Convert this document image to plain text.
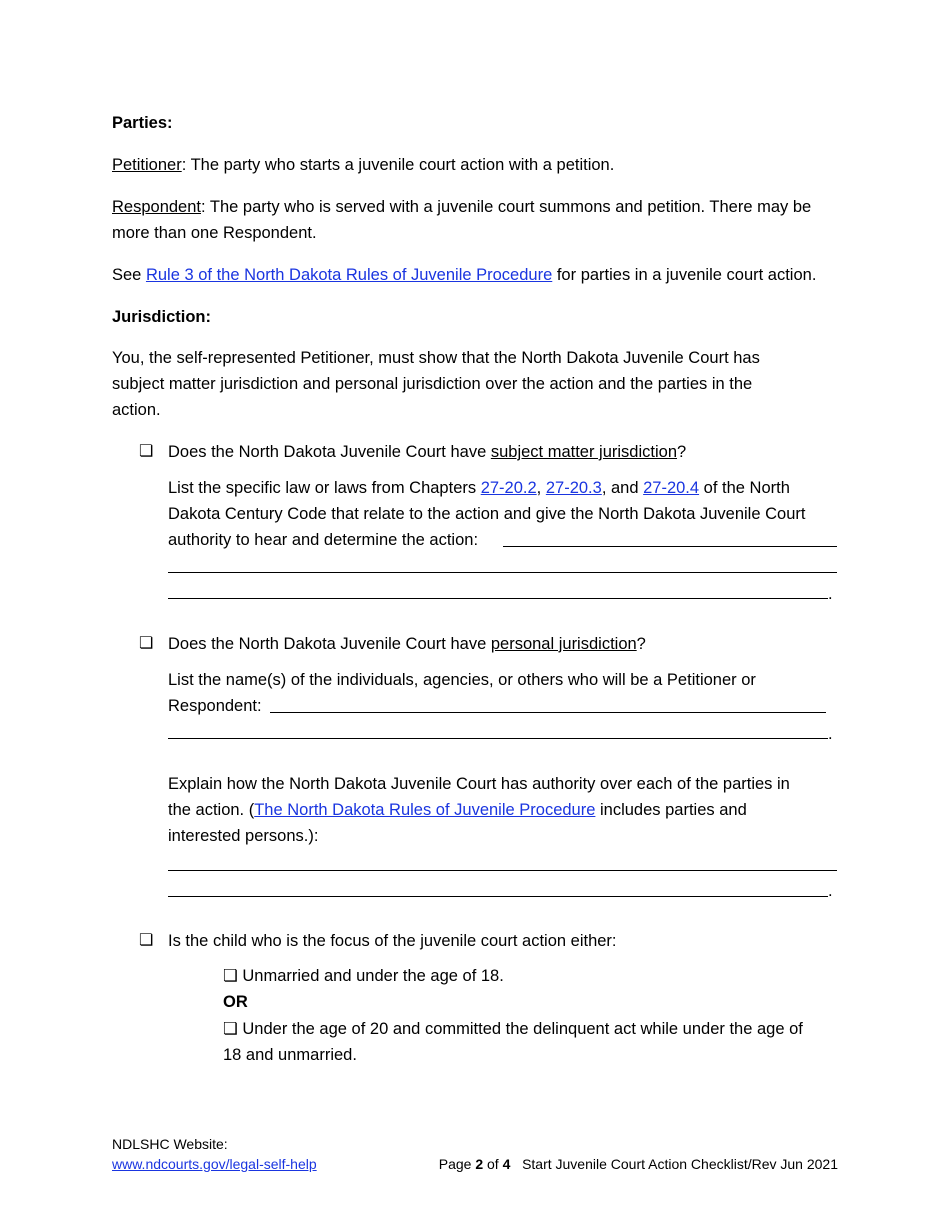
Parties:
Petitioner: The party who starts a juvenile court action with a petition.
Respondent: The party who is served with a juvenile court summons and petition. There may be
more than one Respondent.
See Rule 3 of the North Dakota Rules of Juvenile Procedure for parties in a juvenile court action.
Jurisdiction:
You, the self-represented Petitioner, must show that the North Dakota Juvenile Court has
subject matter jurisdiction and personal jurisdiction over the action and the parties in the
action.
❏ Does the North Dakota Juvenile Court have subject matter jurisdiction?
List the specific law or laws from Chapters 27-20.2, 27-20.3, and 27-20.4 of the North
Dakota Century Code that relate to the action and give the North Dakota Juvenile Court
authority to hear and determine the action:
.
❏ Does the North Dakota Juvenile Court have personal jurisdiction?
List the name(s) of the individuals, agencies, or others who will be a Petitioner or
Respondent:
.
Explain how the North Dakota Juvenile Court has authority over each of the parties in
the action. (The North Dakota Rules of Juvenile Procedure includes parties and
interested persons.):
.
❏ Is the child who is the focus of the juvenile court action either:
❏ Unmarried and under the age of 18.
OR
❏ Under the age of 20 and committed the delinquent act while under the age of
18 and unmarried.
NDLSHC Website:
www.ndcourts.gov/legal-self-help	Page 2 of 4 Start Juvenile Court Action Checklist/Rev Jun 2021
